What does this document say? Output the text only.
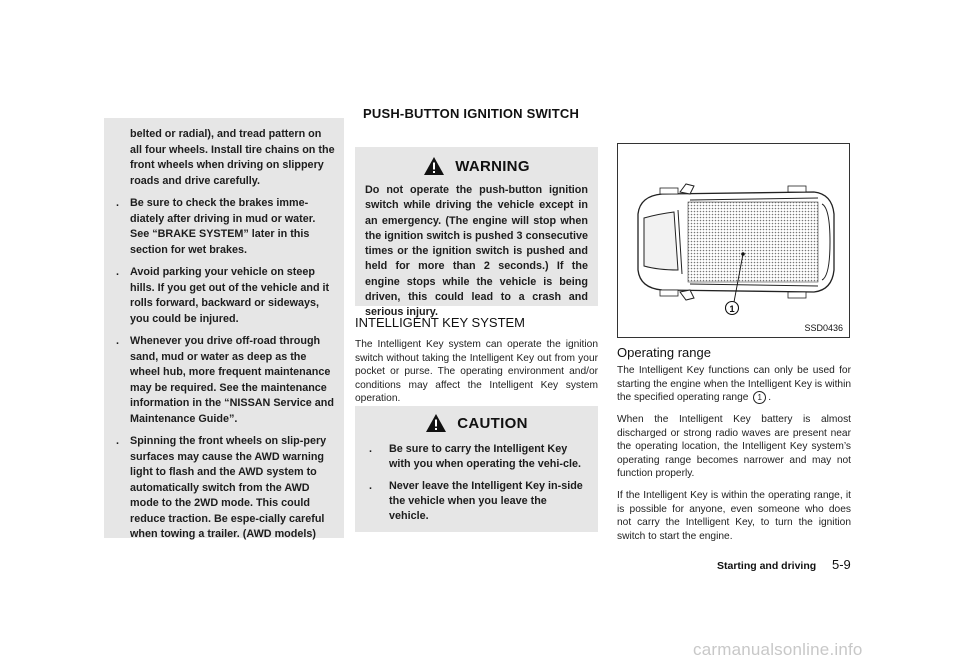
PUSH-BUTTON IGNITION SWITCH

belted or radial), and tread pattern on all four wheels. Install tire chains on the front wheels when driving on slippery roads and drive carefully.

. Be sure to check the brakes imme-diately after driving in mud or water. See “BRAKE SYSTEM” later in this section for wet brakes.

. Avoid parking your vehicle on steep hills. If you get out of the vehicle and it rolls forward, backward or sideways, you could be injured.

. Whenever you drive off-road through sand, mud or water as deep as the wheel hub, more frequent maintenance may be required. See the maintenance information in the “NISSAN Service and Maintenance Guide”.

. Spinning the front wheels on slip-pery surfaces may cause the AWD warning light to flash and the AWD system to automatically switch from the AWD mode to the 2WD mode. This could reduce traction. Be espe-cially careful when towing a trailer. (AWD models)

WARNING
Do not operate the push-button ignition switch while driving the vehicle except in an emergency. (The engine will stop when the ignition switch is pushed 3 consecutive times or the ignition switch is pushed and held for more than 2 seconds.) If the engine stops while the vehicle is being driven, this could lead to a crash and serious injury.
INTELLIGENT KEY SYSTEM

The Intelligent Key system can operate the ignition switch without taking the Intelligent Key out from your pocket or purse. The operating environment and/or conditions may affect the Intelligent Key system operation.

CAUTION

. Be sure to carry the Intelligent Key with you when operating the vehi-cle.

. Never leave the Intelligent Key in-side the vehicle when you leave the vehicle.

1
SSD0436
Operating range

The Intelligent Key functions can only be used for starting the engine when the Intelligent Key is within the specified operating range 1 .

When the Intelligent Key battery is almost discharged or strong radio waves are present near the operating location, the Intelligent Key system’s operating range becomes narrower and may not function properly.

If the Intelligent Key is within the operating range, it is possible for anyone, even someone who does not carry the Intelligent Key, to turn the ignition switch to start the engine.

Starting and driving 5-9
carmanualsonline.info
